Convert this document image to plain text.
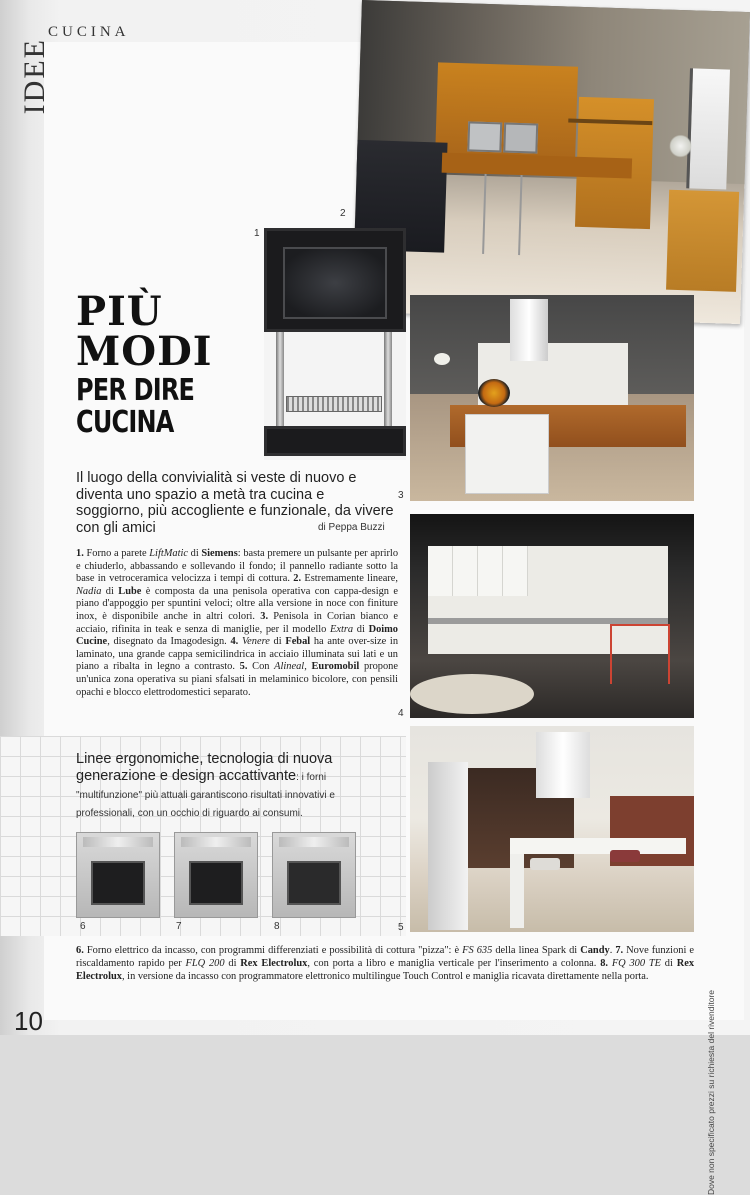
IDEE
CUCINA
2
1
PIÙ
MODI
PER DIRE
CUCINA
3
Il luogo della convivialità si veste di nuovo e diventa uno spazio a metà tra cucina e soggiorno, più accogliente e funzionale, da vivere con gli amici	di Peppa Buzzi
1. Forno a parete LiftMatic di Siemens: basta premere un pulsante per aprirlo e chiuderlo, abbassando e sollevando il fondo; il pannello radiante sotto la base in vetroceramica velocizza i tempi di cottura. 2. Estremamente lineare, Nadia di Lube è composta da una penisola operativa con cappa-design e piano d'appoggio per spuntini veloci; oltre alla versione in noce con finiture inox, è disponibile anche in altri colori. 3. Penisola in Corian bianco e acciaio, rifinita in teak e senza di maniglie, per il modello Extra di Doimo Cucine, disegnato da Imagodesign. 4. Venere di Febal ha ante over-size in laminato, una grande cappa semicilindrica in acciaio illuminata sui lati e un piano a ribalta in legno a contrasto. 5. Con Alineal, Euromobil propone un'unica zona operativa su piani sfalsati in melaminico bicolore, con pensili opachi e blocco elettrodomestici separato.
4
Linee ergonomiche, tecnologia di nuova generazione e design accattivante: i forni "multifunzione" più attuali garantiscono risultati innovativi e professionali, con un occhio di riguardo ai consumi.
6	7	8	5
6. Forno elettrico da incasso, con programmi differenziati e possibilità di cottura "pizza": è FS 635 della linea Spark di Candy. 7. Nove funzioni e riscaldamento rapido per FLQ 200 di Rex Electrolux, con porta a libro e maniglia verticale per l'inserimento a colonna. 8. FQ 300 TE di Rex Electrolux, in versione da incasso con programmatore elettronico multilingue Touch Control e maniglia ricavata direttamente nella porta.
Dove non specificato prezzi su richiesta del rivenditore
10
